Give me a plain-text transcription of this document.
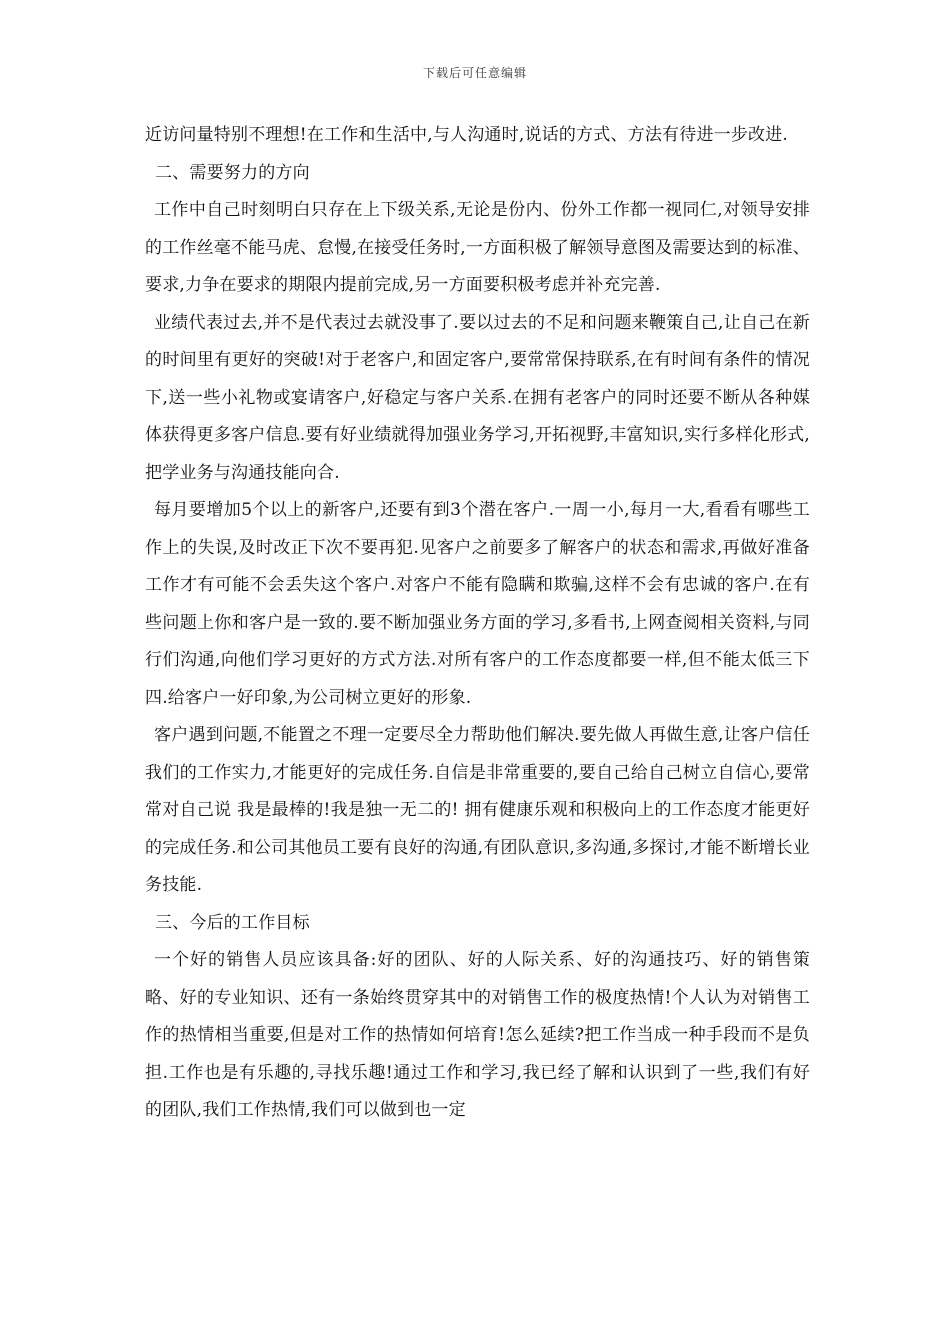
下载后可任意编辑

近访问量特别不理想!在工作和生活中,与人沟通时,说话的方式、方法有待进一步改进.

二、需要努力的方向

工作中自己时刻明白只存在上下级关系,无论是份内、份外工作都一视同仁,对领导安排的工作丝毫不能马虎、怠慢,在接受任务时,一方面积极了解领导意图及需要达到的标准、要求,力争在要求的期限内提前完成,另一方面要积极考虑并补充完善.

业绩代表过去,并不是代表过去就没事了.要以过去的不足和问题来鞭策自己,让自己在新的时间里有更好的突破!对于老客户,和固定客户,要常常保持联系,在有时间有条件的情况下,送一些小礼物或宴请客户,好稳定与客户关系.在拥有老客户的同时还要不断从各种媒体获得更多客户信息.要有好业绩就得加强业务学习,开拓视野,丰富知识,实行多样化形式,把学业务与沟通技能向合.

每月要增加5个以上的新客户,还要有到3个潜在客户.一周一小,每月一大,看看有哪些工作上的失误,及时改正下次不要再犯.见客户之前要多了解客户的状态和需求,再做好准备工作才有可能不会丢失这个客户.对客户不能有隐瞒和欺骗,这样不会有忠诚的客户.在有些问题上你和客户是一致的.要不断加强业务方面的学习,多看书,上网查阅相关资料,与同行们沟通,向他们学习更好的方式方法.对所有客户的工作态度都要一样,但不能太低三下四.给客户一好印象,为公司树立更好的形象.

客户遇到问题,不能置之不理一定要尽全力帮助他们解决.要先做人再做生意,让客户信任我们的工作实力,才能更好的完成任务.自信是非常重要的,要自己给自己树立自信心,要常常对自己说 我是最棒的!我是独一无二的! 拥有健康乐观和积极向上的工作态度才能更好的完成任务.和公司其他员工要有良好的沟通,有团队意识,多沟通,多探讨,才能不断增长业务技能.

三、今后的工作目标

一个好的销售人员应该具备:好的团队、好的人际关系、好的沟通技巧、好的销售策略、好的专业知识、还有一条始终贯穿其中的对销售工作的极度热情!个人认为对销售工作的热情相当重要,但是对工作的热情如何培育!怎么延续?把工作当成一种手段而不是负担.工作也是有乐趣的,寻找乐趣!通过工作和学习,我已经了解和认识到了一些,我们有好的团队,我们工作热情,我们可以做到也一定
